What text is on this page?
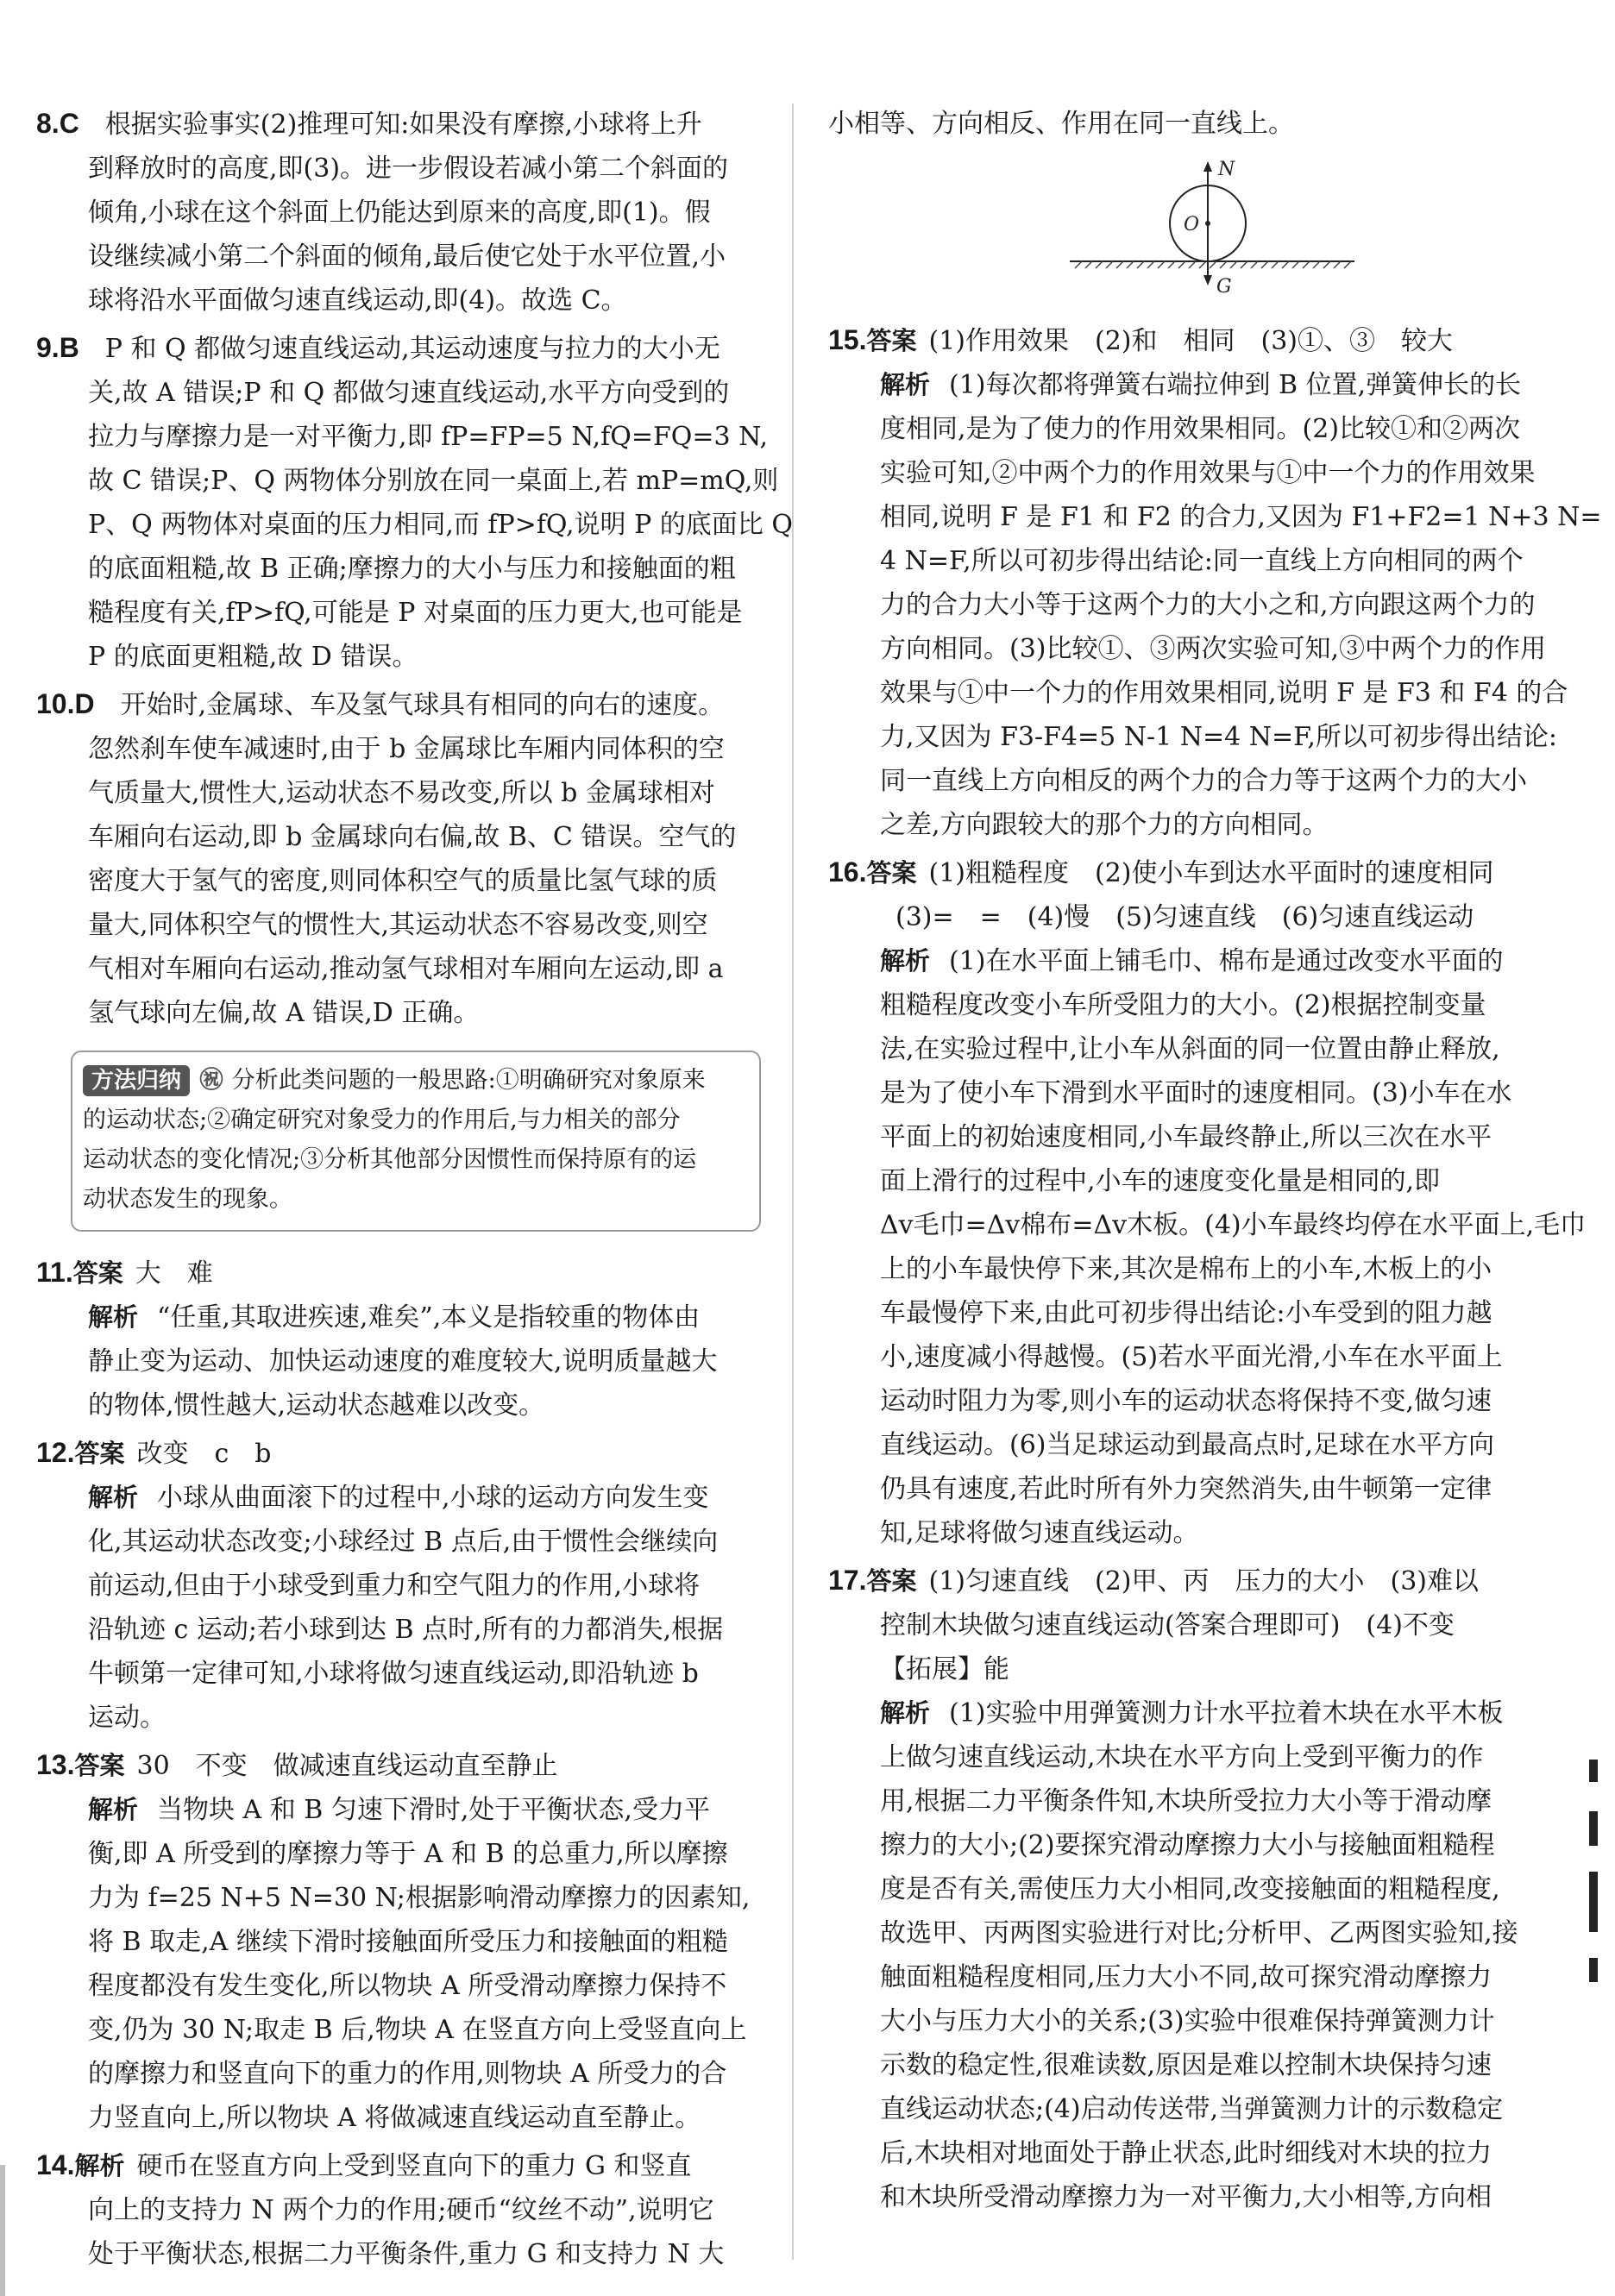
8.C　 根据实验事实(2)推理可知:如果没有摩擦,小球将上升
到释放时的高度,即(3)。进一步假设若减小第二个斜面的
倾角,小球在这个斜面上仍能达到原来的高度,即(1)。假
设继续减小第二个斜面的倾角,最后使它处于水平位置,小
球将沿水平面做匀速直线运动,即(4)。故选 C。
9.B　 P 和 Q 都做匀速直线运动,其运动速度与拉力的大小无
关,故 A 错误;P 和 Q 都做匀速直线运动,水平方向受到的
拉力与摩擦力是一对平衡力,即 fP=FP=5 N,fQ=FQ=3 N,
故 C 错误;P、Q 两物体分别放在同一桌面上,若 mP=mQ,则
P、Q 两物体对桌面的压力相同,而 fP>fQ,说明 P 的底面比 Q
的底面粗糙,故 B 正确;摩擦力的大小与压力和接触面的粗
糙程度有关,fP>fQ,可能是 P 对桌面的压力更大,也可能是
P 的底面更粗糙,故 D 错误。
10.D　 开始时,金属球、车及氢气球具有相同的向右的速度。
忽然刹车使车减速时,由于 b 金属球比车厢内同体积的空
气质量大,惯性大,运动状态不易改变,所以 b 金属球相对
车厢向右运动,即 b 金属球向右偏,故 B、C 错误。空气的
密度大于氢气的密度,则同体积空气的质量比氢气球的质
量大,同体积空气的惯性大,其运动状态不容易改变,则空
气相对车厢向右运动,推动氢气球相对车厢向左运动,即 a
氢气球向左偏,故 A 错误,D 正确。
方法归纳 ㊗ 分析此类问题的一般思路:①明确研究对象原来
的运动状态;②确定研究对象受力的作用后,与力相关的部分
运动状态的变化情况;③分析其他部分因惯性而保持原有的运
动状态发生的现象。
11.答案 大　难
解析 “任重,其取进疾速,难矣”,本义是指较重的物体由
静止变为运动、加快运动速度的难度较大,说明质量越大
的物体,惯性越大,运动状态越难以改变。
12.答案 改变　c　b
解析 小球从曲面滚下的过程中,小球的运动方向发生变
化,其运动状态改变;小球经过 B 点后,由于惯性会继续向
前运动,但由于小球受到重力和空气阻力的作用,小球将
沿轨迹 c 运动;若小球到达 B 点时,所有的力都消失,根据
牛顿第一定律可知,小球将做匀速直线运动,即沿轨迹 b
运动。
13.答案 30　不变　做减速直线运动直至静止
解析 当物块 A 和 B 匀速下滑时,处于平衡状态,受力平
衡,即 A 所受到的摩擦力等于 A 和 B 的总重力,所以摩擦
力为 f=25 N+5 N=30 N;根据影响滑动摩擦力的因素知,
将 B 取走,A 继续下滑时接触面所受压力和接触面的粗糙
程度都没有发生变化,所以物块 A 所受滑动摩擦力保持不
变,仍为 30 N;取走 B 后,物块 A 在竖直方向上受竖直向上
的摩擦力和竖直向下的重力的作用,则物块 A 所受力的合
力竖直向上,所以物块 A 将做减速直线运动直至静止。
14.解析 硬币在竖直方向上受到竖直向下的重力 G 和竖直
向上的支持力 N 两个力的作用;硬币“纹丝不动”,说明它
处于平衡状态,根据二力平衡条件,重力 G 和支持力 N 大
小相等、方向相反、作用在同一直线上。
N
O
G
15.答案 (1)作用效果　(2)和　相同　(3)①、③　较大
解析 (1)每次都将弹簧右端拉伸到 B 位置,弹簧伸长的长
度相同,是为了使力的作用效果相同。(2)比较①和②两次
实验可知,②中两个力的作用效果与①中一个力的作用效果
相同,说明 F 是 F1 和 F2 的合力,又因为 F1+F2=1 N+3 N=
4 N=F,所以可初步得出结论:同一直线上方向相同的两个
力的合力大小等于这两个力的大小之和,方向跟这两个力的
方向相同。(3)比较①、③两次实验可知,③中两个力的作用
效果与①中一个力的作用效果相同,说明 F 是 F3 和 F4 的合
力,又因为 F3-F4=5 N-1 N=4 N=F,所以可初步得出结论:
同一直线上方向相反的两个力的合力等于这两个力的大小
之差,方向跟较大的那个力的方向相同。
16.答案 (1)粗糙程度　(2)使小车到达水平面时的速度相同
(3)=　=　(4)慢　(5)匀速直线　(6)匀速直线运动
解析 (1)在水平面上铺毛巾、棉布是通过改变水平面的
粗糙程度改变小车所受阻力的大小。(2)根据控制变量
法,在实验过程中,让小车从斜面的同一位置由静止释放,
是为了使小车下滑到水平面时的速度相同。(3)小车在水
平面上的初始速度相同,小车最终静止,所以三次在水平
面上滑行的过程中,小车的速度变化量是相同的,即
Δv毛巾=Δv棉布=Δv木板。(4)小车最终均停在水平面上,毛巾
上的小车最快停下来,其次是棉布上的小车,木板上的小
车最慢停下来,由此可初步得出结论:小车受到的阻力越
小,速度减小得越慢。(5)若水平面光滑,小车在水平面上
运动时阻力为零,则小车的运动状态将保持不变,做匀速
直线运动。(6)当足球运动到最高点时,足球在水平方向
仍具有速度,若此时所有外力突然消失,由牛顿第一定律
知,足球将做匀速直线运动。
17.答案 (1)匀速直线　(2)甲、丙　压力的大小　(3)难以
控制木块做匀速直线运动(答案合理即可)　(4)不变
【拓展】能
解析 (1)实验中用弹簧测力计水平拉着木块在水平木板
上做匀速直线运动,木块在水平方向上受到平衡力的作
用,根据二力平衡条件知,木块所受拉力大小等于滑动摩
擦力的大小;(2)要探究滑动摩擦力大小与接触面粗糙程
度是否有关,需使压力大小相同,改变接触面的粗糙程度,
故选甲、丙两图实验进行对比;分析甲、乙两图实验知,接
触面粗糙程度相同,压力大小不同,故可探究滑动摩擦力
大小与压力大小的关系;(3)实验中很难保持弹簧测力计
示数的稳定性,很难读数,原因是难以控制木块保持匀速
直线运动状态;(4)启动传送带,当弹簧测力计的示数稳定
后,木块相对地面处于静止状态,此时细线对木块的拉力
和木块所受滑动摩擦力为一对平衡力,大小相等,方向相
